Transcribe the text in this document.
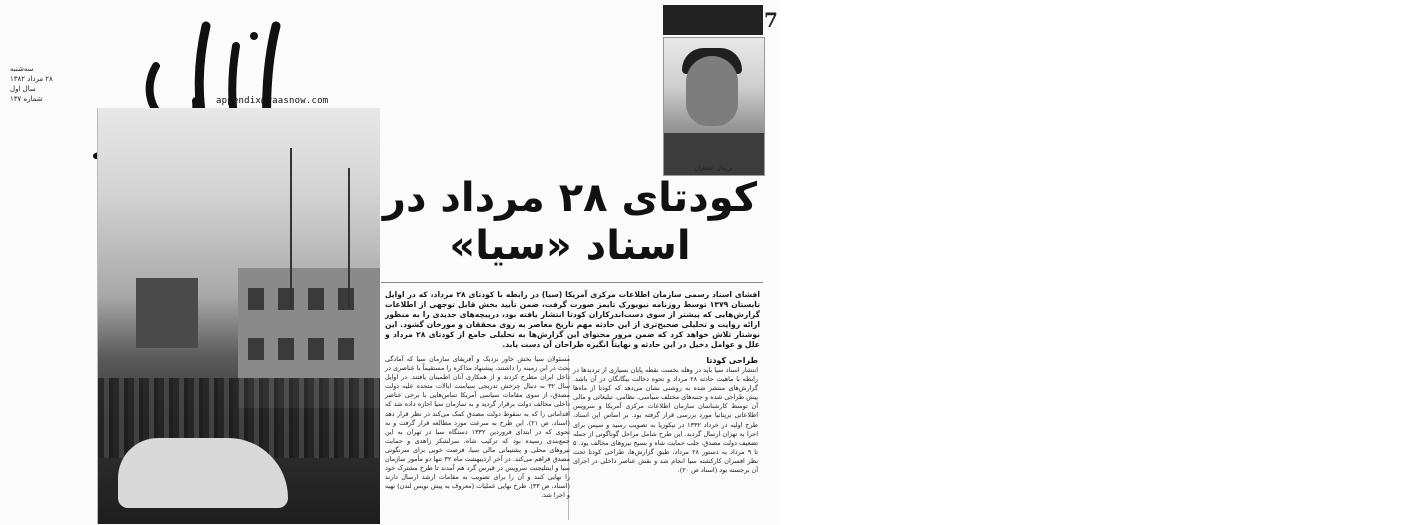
سه‌شنبه
۲۸ مرداد ۱۳۸۲
سال اول
شماره ۱۳۷	appendix@yaasnow.com
کودتای ۲۸ مرداد
در اسناد سیا
7
نریمان عشقیان
کودتای ۲۸ مرداد در
اسناد «سیا»
افشای اسناد رسمی سازمان اطلاعات مرکزی آمریکا (سیا) در رابطه با کودتای ۲۸ مرداد، که در اوایل تابستان ۱۳۷۹ توسط روزنامه نیویورک تایمز صورت گرفت، ضمن تأیید بخش قابل توجهی از اطلاعات گزارش‌هایی که پیشتر از سوی دست‌اندرکاران کودتا انتشار یافته بود، درپیچه‌های جدیدی را به منظور ارائه روایت و تحلیلی صحیح‌تری از این حادثه مهم تاریخ معاصر به روی محققان و مورخان گشود. این نوشتار تلاش خواهد کرد که ضمن مرور محتوای این گزارش‌ها به تحلیلی جامع از کودتای ۲۸ مرداد و علل و عوامل دخیل در این حادثه و نهایتاً انگیزه طراحان آن دست یابد.
طراحی کودتا
انتشار اسناد سیا باید در وهله نخست نقطه پایان بسیاری از تردیدها در رابطه با ماهیت حادثه ۲۸ مرداد و نحوه دخالت بیگانگان در آن باشد. گزارش‌های منتشر شده به روشنی نشان می‌دهد که کودتا از ماه‌ها پیش طراحی شده و جنبه‌های مختلف سیاسی، نظامی، تبلیغاتی و مالی آن توسط کارشناسان سازمان اطلاعات مرکزی آمریکا و سرویس اطلاعاتی بریتانیا مورد بررسی قرار گرفته بود. بر اساس این اسناد، طرح اولیه در خرداد ۱۳۳۲ در نیکوزیا به تصویب رسید و سپس برای اجرا به تهران ارسال گردید. این طرح شامل مراحل گوناگونی از جمله تضعیف دولت مصدق، جلب حمایت شاه و بسیج نیروهای مخالف بود. ۵ تا ۹ مرداد به دستور ۲۸ مرداد، طبق گزارش‌ها، طراحی کودتا تحت نظر افسران کارکشته سیا انجام شد و نقش عناصر داخلی در اجرای آن برجسته بود (اسناد ص ۲۰).
مسئولان سیا بخش خاور نزدیک و آفریقای سازمان سیا که آمادگی بحث در این زمینه را داشتند، پیشنهاد مذاکره را مستقیماً با عناصری در داخل ایران مطرح کردند و از همکاری آنان اطمینان یافتند. در اوایل سال ۳۲ به دنبال چرخش تدریجی سیاست ایالات متحده علیه دولت مصدق، از سوی مقامات سیاسی آمریکا تماس‌هایی با برخی عناصر داخلی مخالف دولت برقرار گردید و به سازمان سیا اجازه داده شد که اقداماتی را که به سقوط دولت مصدق کمک می‌کند در نظر قرار دهد (اسناد، ص ۲۱). این طرح به سرعت مورد مطالعه قرار گرفت و به نحوی که در ابتدای فروردین ۱۳۳۲ دستگاه سیا در تهران به این جمع‌بندی رسیده بود که ترکیب شاه، سرلشکر زاهدی و حمایت نیروهای محلی و پشتیبانی مالی سیا، فرصت خوبی برای سرنگونی مصدق فراهم می‌کند. در آخر اردیبهشت ماه ۳۲ تنها دو مأمور سازمان سیا و اینتلیجنت سرویس در قبرس گرد هم آمدند تا طرح مشترک خود را نهایی کنند و آن را برای تصویب به مقامات ارشد ارسال دارند (اسناد، ص ۳۳). طرح نهایی عملیات (معروف به پیش نویس لندن) تهیه و اجرا شد.
